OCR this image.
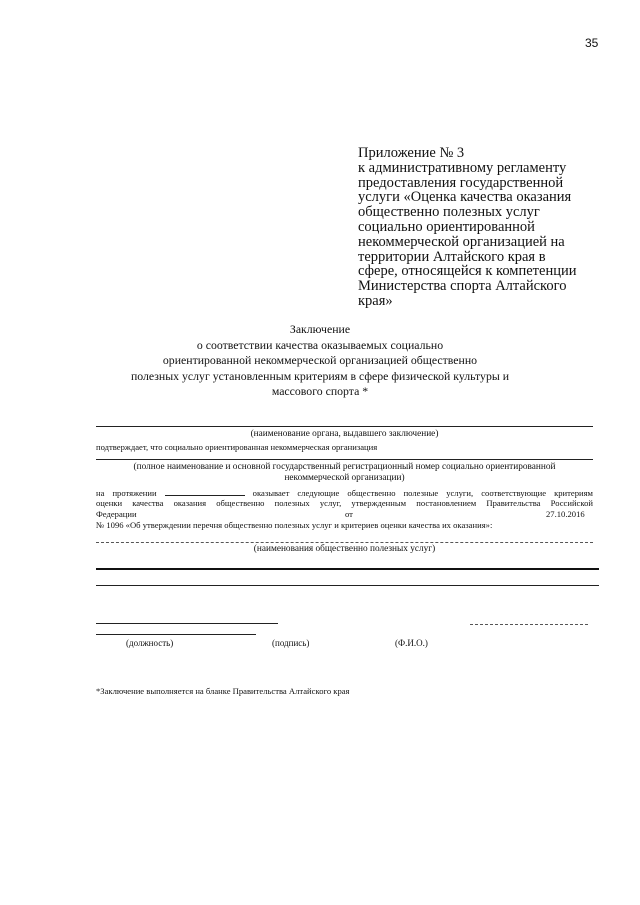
35
Приложение № 3
к административному регламенту
предоставления государственной
услуги «Оценка качества оказания
общественно полезных услуг
социально ориентированной
некоммерческой организацией на
территории Алтайского края в
сфере, относящейся к компетенции
Министерства спорта Алтайского
края»
Заключение
о соответствии качества оказываемых социально
ориентированной некоммерческой организацией общественно
полезных услуг установленным критериям в сфере физической культуры и
массового спорта *
(наименование органа, выдавшего заключение)
подтверждает, что социально ориентированная некоммерческая организация
(полное наименование и основной государственный регистрационный номер социально ориентированной
некоммерческой организации)
на протяжении	оказывает следующие общественно полезные услуги, соответствующие критериям
оценки качества оказания общественно полезных услуг, утвержденным постановлением Правительства Российской
Федерации	от	27.10.2016
№ 1096 «Об утверждении перечня общественно полезных услуг и критериев оценки качества их оказания»:
(наименования общественно полезных услуг)
(должность)	(подпись)	(Ф.И.О.)
*Заключение выполняется на бланке Правительства Алтайского края
